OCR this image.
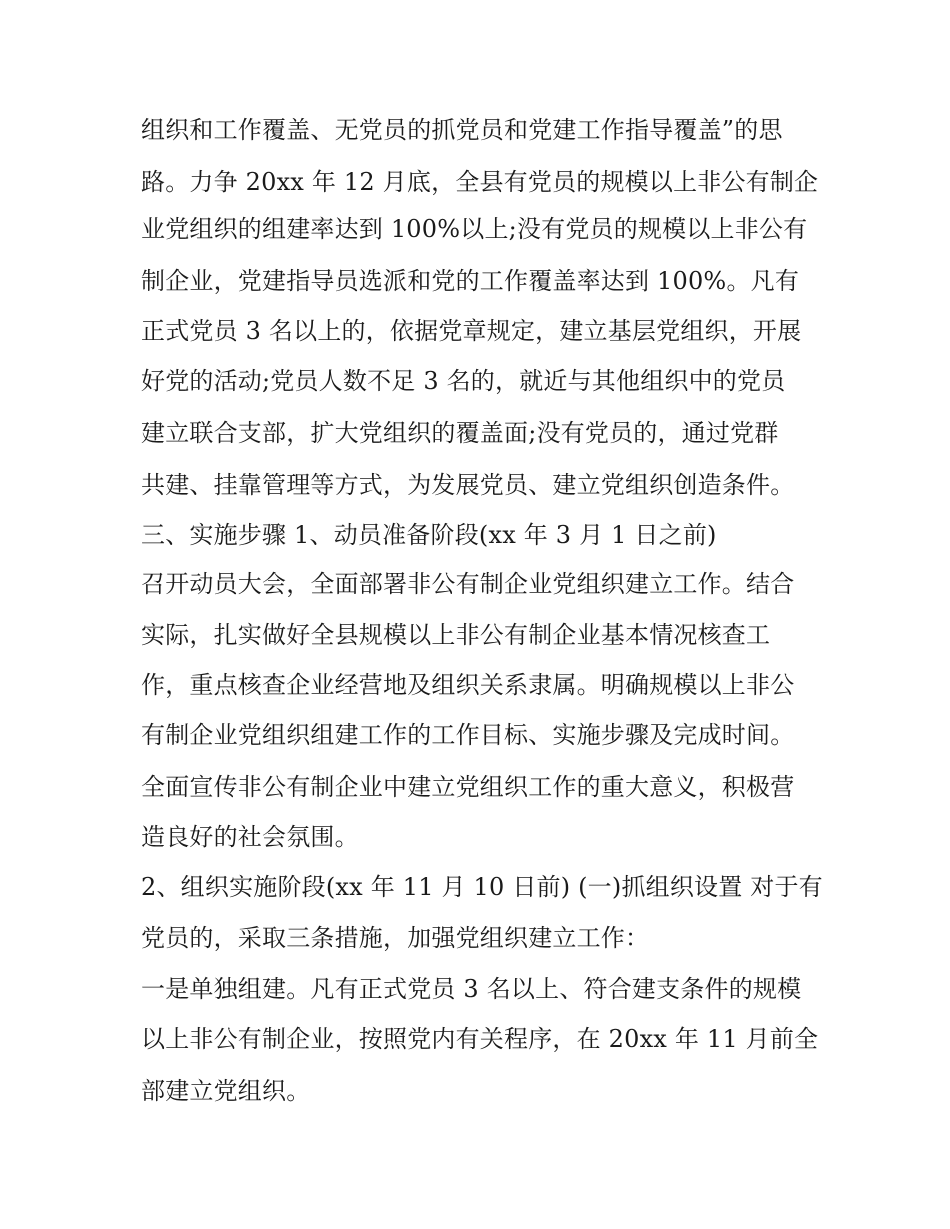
组织和工作覆盖、无党员的抓党员和党建工作指导覆盖”的思
路。力争 20xx 年 12 月底，全县有党员的规模以上非公有制企
业党组织的组建率达到 100%以上;没有党员的规模以上非公有
制企业，党建指导员选派和党的工作覆盖率达到 100%。凡有
正式党员 3 名以上的，依据党章规定，建立基层党组织，开展
好党的活动;党员人数不足 3 名的，就近与其他组织中的党员
建立联合支部，扩大党组织的覆盖面;没有党员的，通过党群
共建、挂靠管理等方式，为发展党员、建立党组织创造条件。
三、实施步骤 1、动员准备阶段(xx 年 3 月 1 日之前)
召开动员大会，全面部署非公有制企业党组织建立工作。结合
实际，扎实做好全县规模以上非公有制企业基本情况核查工
作，重点核查企业经营地及组织关系隶属。明确规模以上非公
有制企业党组织组建工作的工作目标、实施步骤及完成时间。
全面宣传非公有制企业中建立党组织工作的重大意义，积极营
造良好的社会氛围。
2、组织实施阶段(xx 年 11 月 10 日前) (一)抓组织设置 对于有
党员的，采取三条措施，加强党组织建立工作：
一是单独组建。凡有正式党员 3 名以上、符合建支条件的规模
以上非公有制企业，按照党内有关程序，在 20xx 年 11 月前全
部建立党组织。
